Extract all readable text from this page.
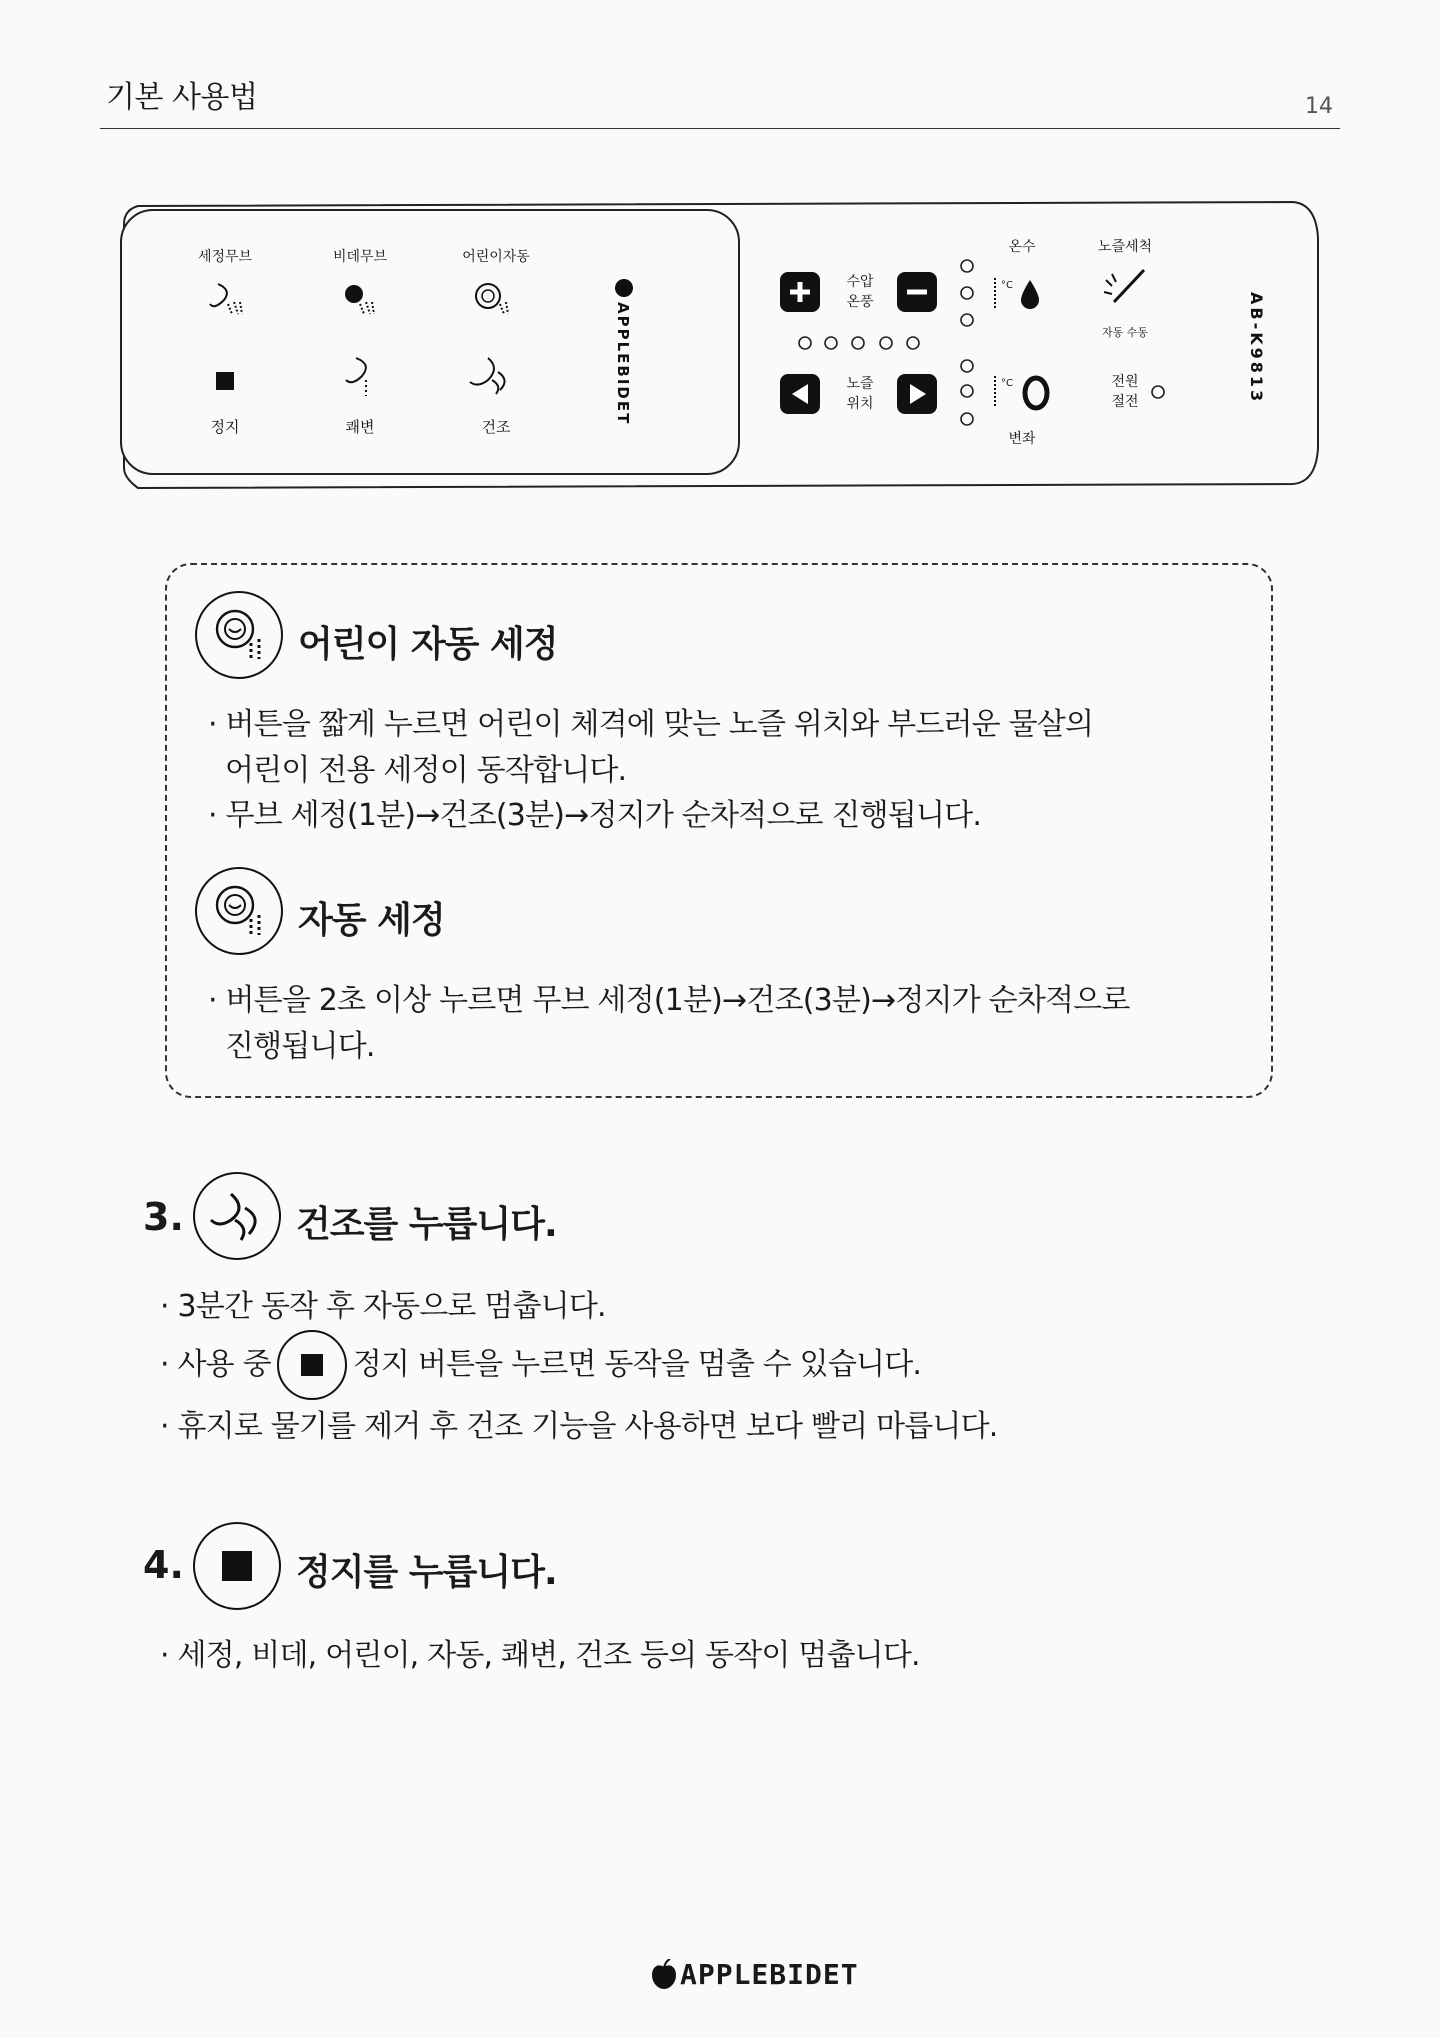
기본 사용법	14
세정무브	비데무브	어린이자동
정지	쾌변	건조
APPLEBIDET
수압
온풍
노즐
위치
온수
°C
°C
변좌
노즐세척
자동 수동
전원
절전	AB-K9813
어린이 자동 세정
· 버튼을 짧게 누르면 어린이 체격에 맞는 노즐 위치와 부드러운 물살의
어린이 전용 세정이 동작합니다.
· 무브 세정(1분)→건조(3분)→정지가 순차적으로 진행됩니다.
자동 세정
· 버튼을 2초 이상 누르면 무브 세정(1분)→건조(3분)→정지가 순차적으로
진행됩니다.
3.	건조를 누릅니다.
· 3분간 동작 후 자동으로 멈춥니다.
· 사용 중	정지 버튼을 누르면 동작을 멈출 수 있습니다.
· 휴지로 물기를 제거 후 건조 기능을 사용하면 보다 빨리 마릅니다.
4.	정지를 누릅니다.
· 세정, 비데, 어린이, 자동, 쾌변, 건조 등의 동작이 멈춥니다.
APPLEBIDET
